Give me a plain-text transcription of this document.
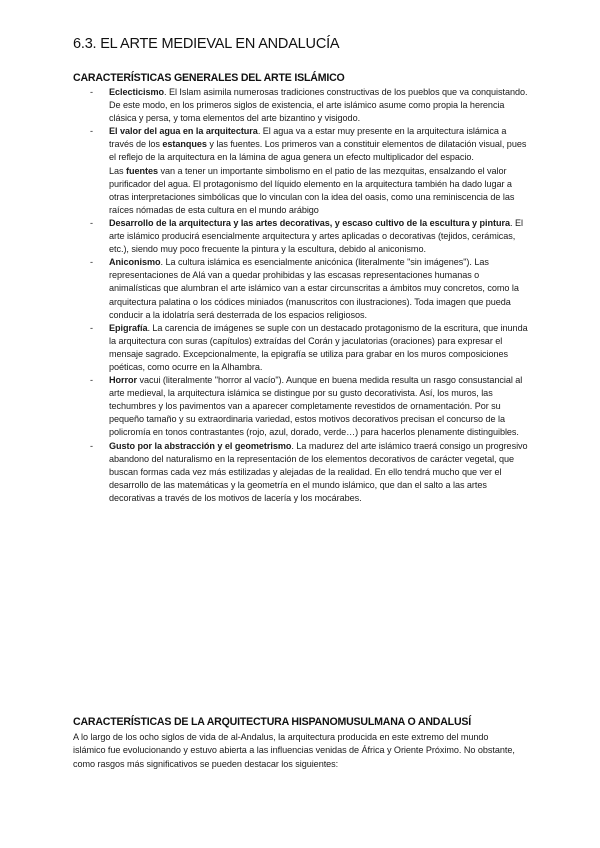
6.3. EL ARTE MEDIEVAL EN ANDALUCÍA
CARACTERÍSTICAS GENERALES DEL ARTE ISLÁMICO
- Eclecticismo. El Islam asimila numerosas tradiciones constructivas de los pueblos que va conquistando. De este modo, en los primeros siglos de existencia, el arte islámico asume como propia la herencia clásica y persa, y toma elementos del arte bizantino y visigodo.
- El valor del agua en la arquitectura. El agua va a estar muy presente en la arquitectura islámica a través de los estanques y las fuentes. Los primeros van a constituir elementos de dilatación visual, pues el reflejo de la arquitectura en la lámina de agua genera un efecto multiplicador del espacio.
Las fuentes van a tener un importante simbolismo en el patio de las mezquitas, ensalzando el valor purificador del agua. El protagonismo del líquido elemento en la arquitectura también ha dado lugar a otras interpretaciones simbólicas que lo vinculan con la idea del oasis, como una reminiscencia de las raíces nómadas de esta cultura en el mundo arábigo
- Desarrollo de la arquitectura y las artes decorativas, y escaso cultivo de la escultura y pintura. El arte islámico producirá esencialmente arquitectura y artes aplicadas o decorativas (tejidos, cerámicas, etc.), siendo muy poco frecuente la pintura y la escultura, debido al aniconismo.
- Aniconismo. La cultura islámica es esencialmente anicónica (literalmente "sin imágenes"). Las representaciones de Alá van a quedar prohibidas y las escasas representaciones humanas o animalísticas que alumbran el arte islámico van a estar circunscritas a ámbitos muy concretos, como la arquitectura palatina o los códices miniados (manuscritos con ilustraciones). Toda imagen que pueda conducir a la idolatría será desterrada de los espacios religiosos.
- Epigrafía. La carencia de imágenes se suple con un destacado protagonismo de la escritura, que inunda la arquitectura con suras (capítulos) extraídas del Corán y jaculatorias (oraciones) para expresar el mensaje sagrado. Excepcionalmente, la epigrafía se utiliza para grabar en los muros composiciones poéticas, como ocurre en la Alhambra.
- Horror vacui (literalmente "horror al vacío"). Aunque en buena medida resulta un rasgo consustancial al arte medieval, la arquitectura islámica se distingue por su gusto decorativista. Así, los muros, las techumbres y los pavimentos van a aparecer completamente revestidos de ornamentación. Por su pequeño tamaño y su extraordinaria variedad, estos motivos decorativos precisan el concurso de la policromía en tonos contrastantes (rojo, azul, dorado, verde…) para hacerlos plenamente distinguibles.
- Gusto por la abstracción y el geometrismo. La madurez del arte islámico traerá consigo un progresivo abandono del naturalismo en la representación de los elementos decorativos de carácter vegetal, que buscan formas cada vez más estilizadas y alejadas de la realidad. En ello tendrá mucho que ver el desarrollo de las matemáticas y la geometría en el mundo islámico, que dan el salto a las artes decorativas a través de los motivos de lacería y los mocárabes.
CARACTERÍSTICAS DE LA ARQUITECTURA HISPANOMUSULMANA O ANDALUSÍ
A lo largo de los ocho siglos de vida de al-Andalus, la arquitectura producida en este extremo del mundo islámico fue evolucionando y estuvo abierta a las influencias venidas de África y Oriente Próximo. No obstante, como rasgos más significativos se pueden destacar los siguientes:
